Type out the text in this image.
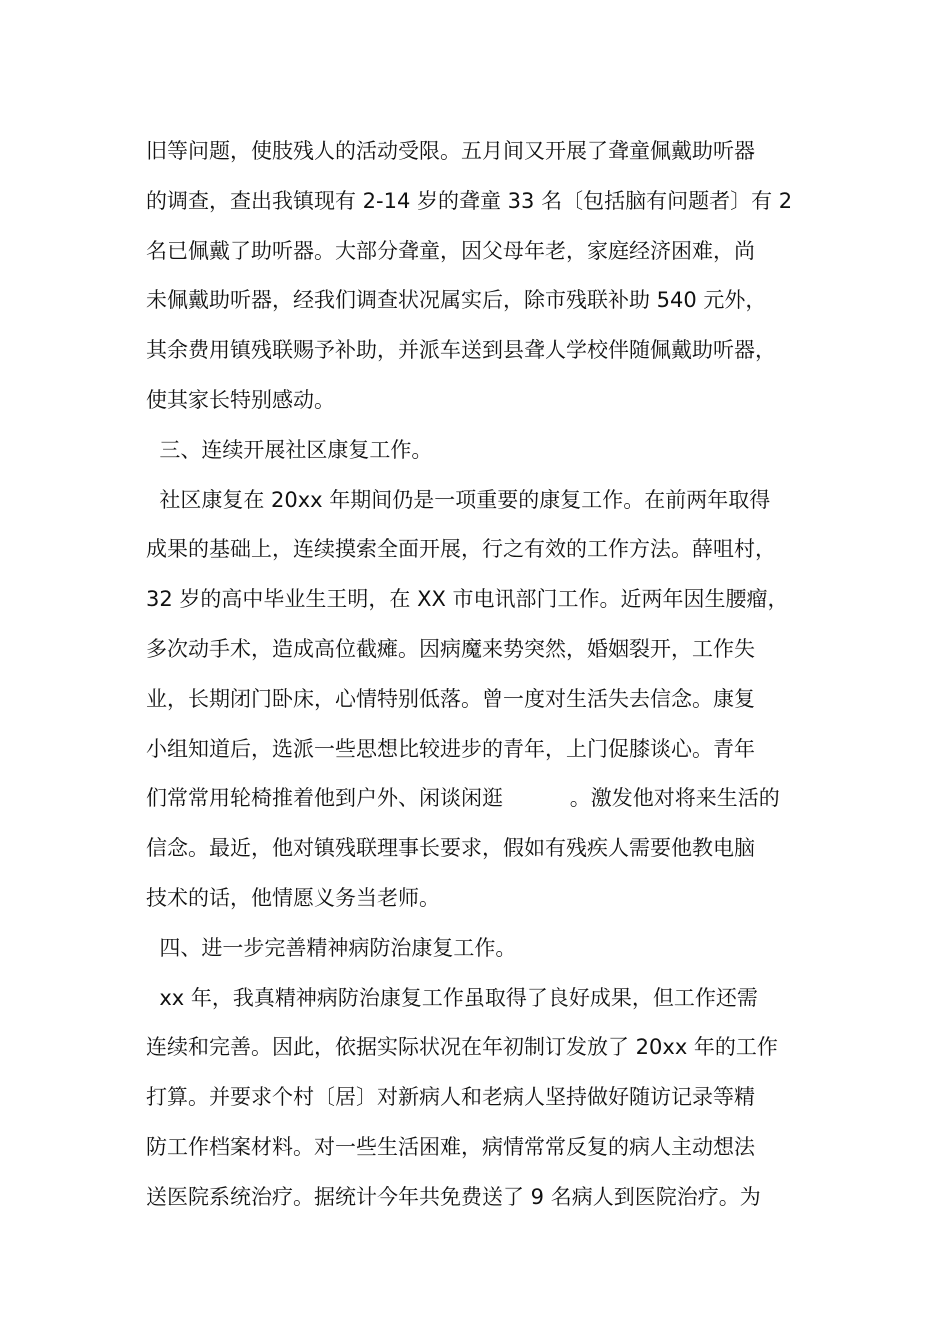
旧等问题，使肢残人的活动受限。五月间又开展了聋童佩戴助听器
的调查，查出我镇现有 2-14 岁的聋童 33 名〔包括脑有问题者〕有 2
名已佩戴了助听器。大部分聋童，因父母年老，家庭经济困难，尚
未佩戴助听器，经我们调查状况属实后，除市残联补助 540 元外，
其余费用镇残联赐予补助，并派车送到县聋人学校伴随佩戴助听器，
使其家长特别感动。
三、连续开展社区康复工作。
社区康复在 20xx 年期间仍是一项重要的康复工作。在前两年取得
成果的基础上，连续摸索全面开展，行之有效的工作方法。薛咀村，
32 岁的高中毕业生王明，在 XX 市电讯部门工作。近两年因生腰瘤，
多次动手术，造成高位截瘫。因病魔来势突然，婚姻裂开，工作失
业，长期闭门卧床，心情特别低落。曾一度对生活失去信念。康复
小组知道后，选派一些思想比较进步的青年，上门促膝谈心。青年
们常常用轮椅推着他到户外、闲谈闲逛          。激发他对将来生活的
信念。最近，他对镇残联理事长要求，假如有残疾人需要他教电脑
技术的话，他情愿义务当老师。
四、进一步完善精神病防治康复工作。
xx 年，我真精神病防治康复工作虽取得了良好成果，但工作还需
连续和完善。因此，依据实际状况在年初制订发放了 20xx 年的工作
打算。并要求个村〔居〕对新病人和老病人坚持做好随访记录等精
防工作档案材料。对一些生活困难，病情常常反复的病人主动想法
送医院系统治疗。据统计今年共免费送了 9 名病人到医院治疗。为
